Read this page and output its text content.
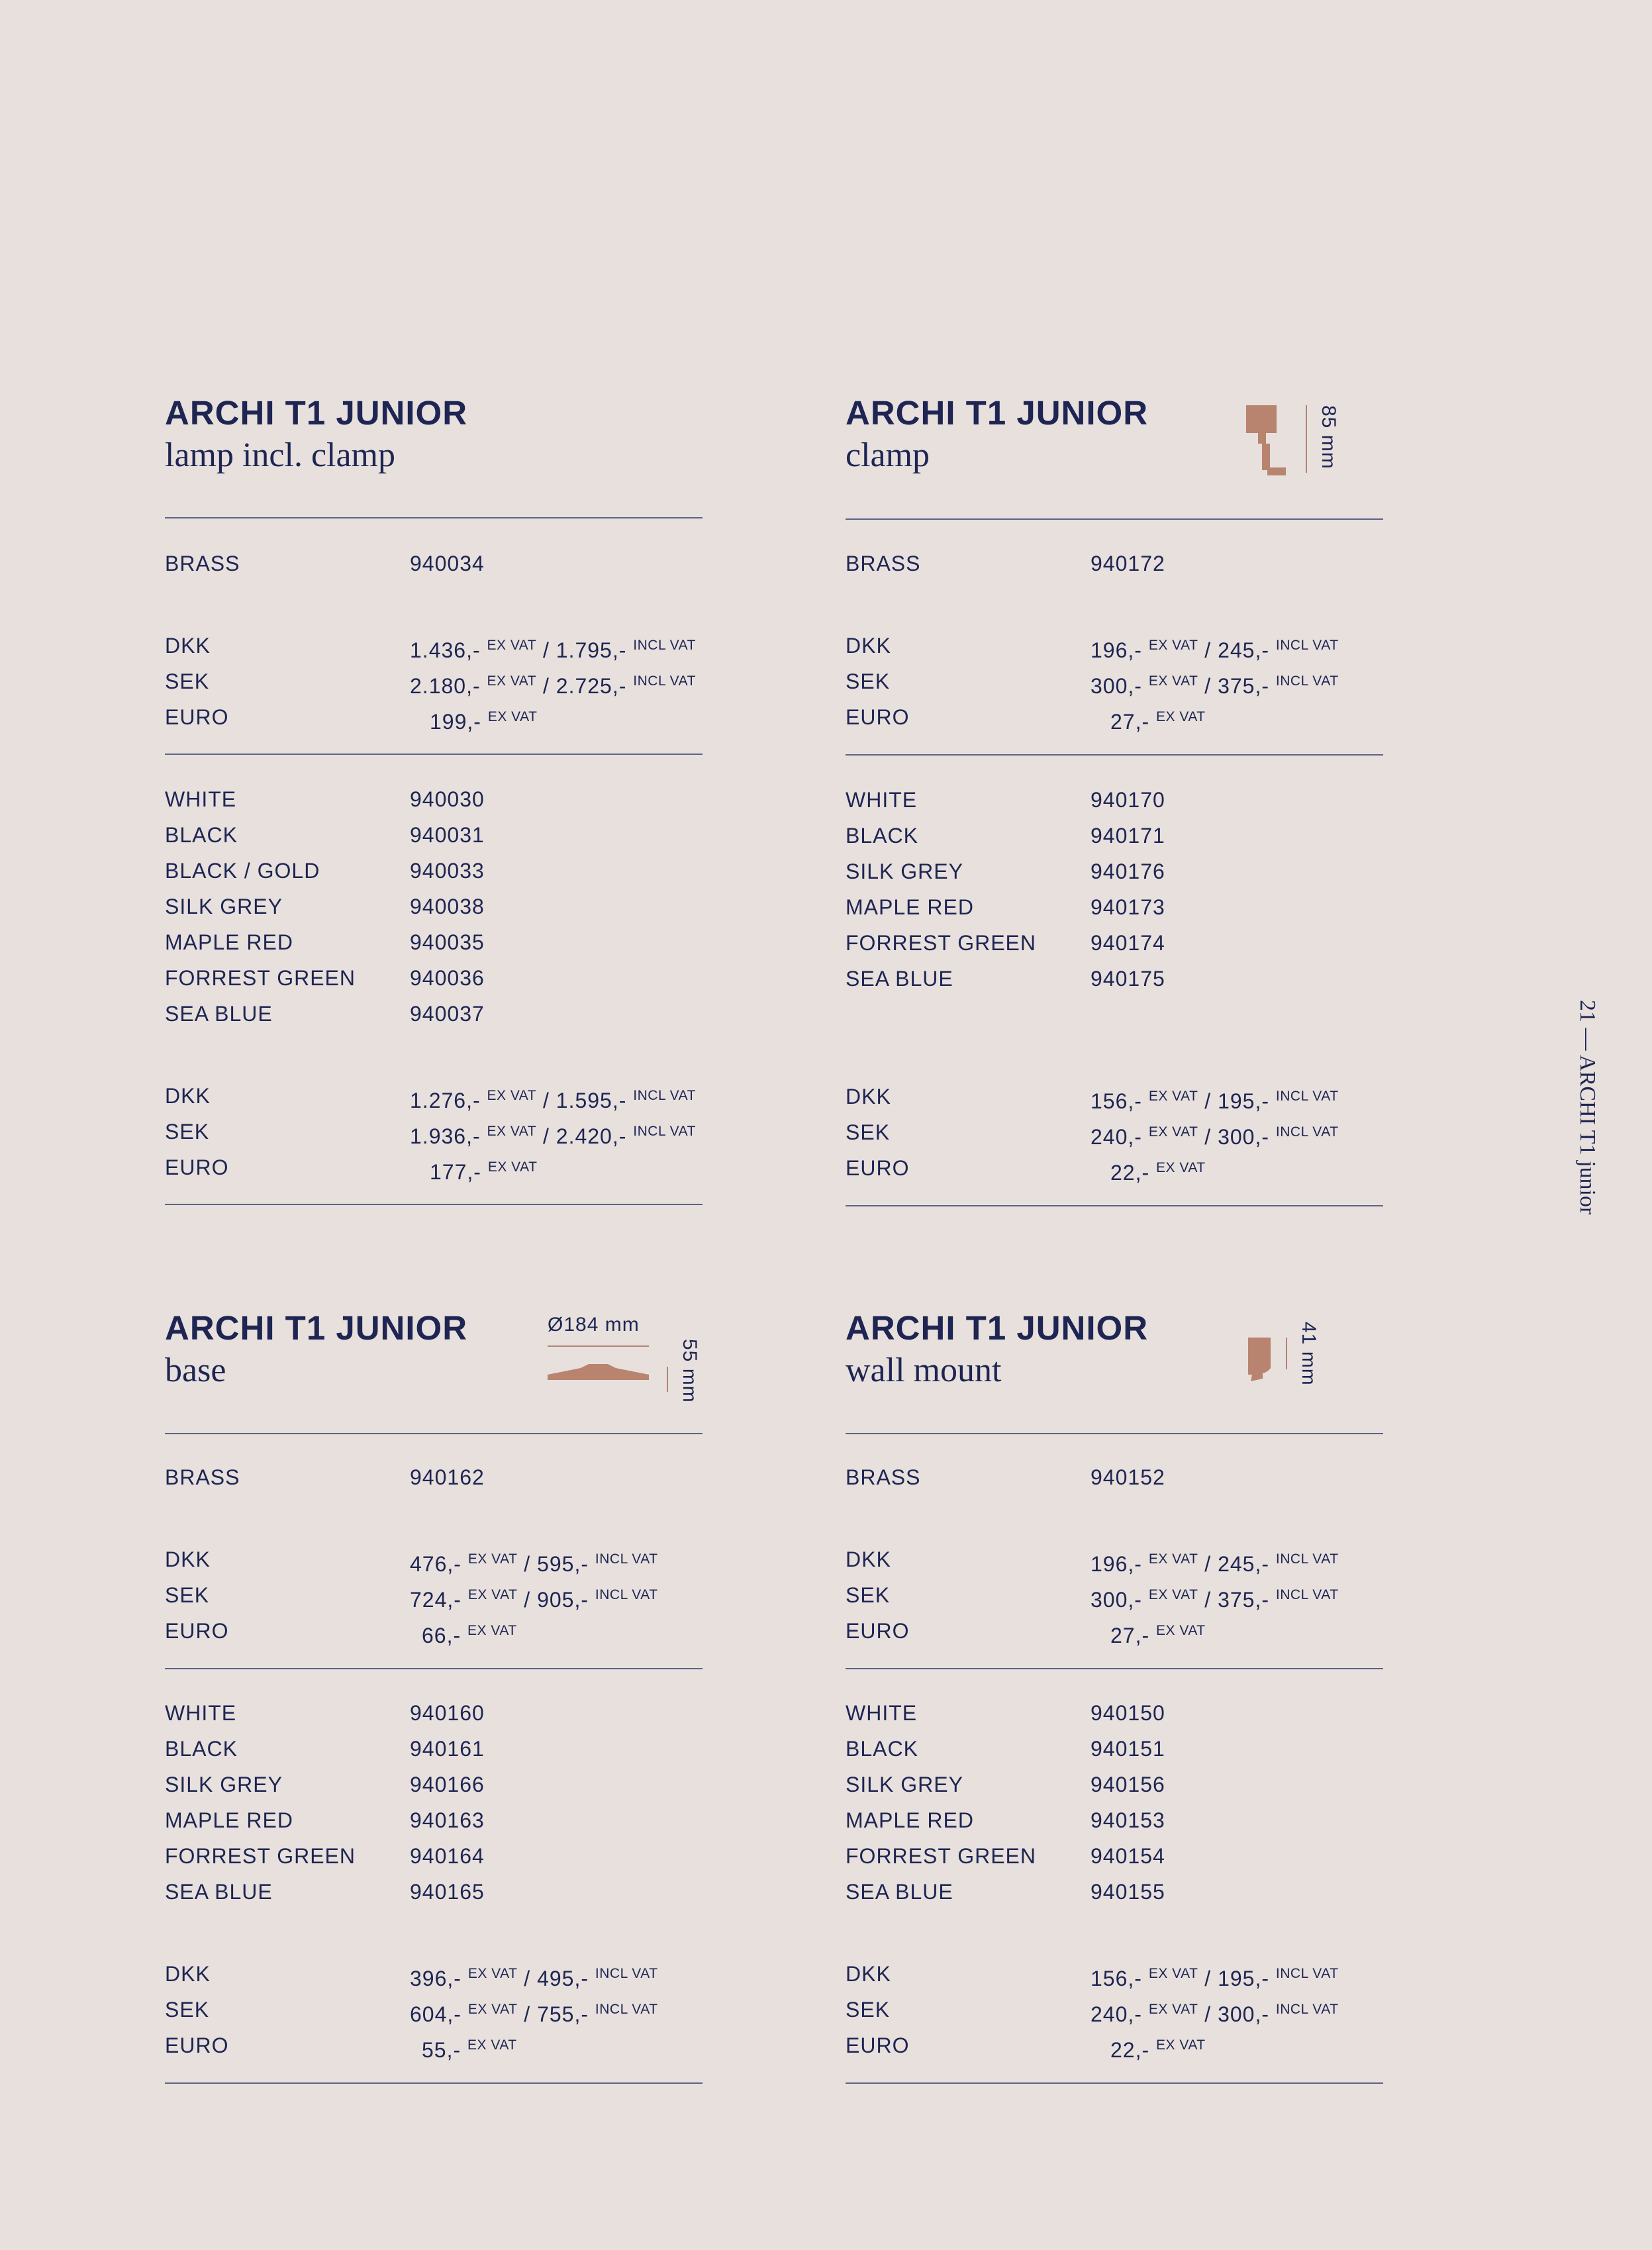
21 — ARCHI T1 junior
ARCHI T1 JUNIOR
lamp incl. clamp
BRASS	940034
DKK	1.436,- $^{EX VAT}$ / 1.795,- $^{INCL VAT}$
SEK	2.180,- $^{EX VAT}$ / 2.725,- $^{INCL VAT}$
EURO	199,- $^{EX VAT}$
WHITE	940030
BLACK	940031
BLACK / GOLD	940033
SILK GREY	940038
MAPLE RED	940035
FORREST GREEN	940036
SEA BLUE	940037
DKK	1.276,- $^{EX VAT}$ / 1.595,- $^{INCL VAT}$
SEK	1.936,- $^{EX VAT}$ / 2.420,- $^{INCL VAT}$
EURO	177,- $^{EX VAT}$
ARCHI T1 JUNIOR
clamp	85 mm
BRASS	940172
DKK	196,- $^{EX VAT}$ / 245,- $^{INCL VAT}$
SEK	300,- $^{EX VAT}$ / 375,- $^{INCL VAT}$
EURO	27,- $^{EX VAT}$
WHITE	940170
BLACK	940171
SILK GREY	940176
MAPLE RED	940173
FORREST GREEN	940174
SEA BLUE	940175
DKK	156,- $^{EX VAT}$ / 195,- $^{INCL VAT}$
SEK	240,- $^{EX VAT}$ / 300,- $^{INCL VAT}$
EURO	22,- $^{EX VAT}$
ARCHI T1 JUNIOR
base
Ø184 mm
55 mm
BRASS	940162
DKK	476,- $^{EX VAT}$ / 595,- $^{INCL VAT}$
SEK	724,- $^{EX VAT}$ / 905,- $^{INCL VAT}$
EURO	66,- $^{EX VAT}$
WHITE	940160
BLACK	940161
SILK GREY	940166
MAPLE RED	940163
FORREST GREEN	940164
SEA BLUE	940165
DKK	396,- $^{EX VAT}$ / 495,- $^{INCL VAT}$
SEK	604,- $^{EX VAT}$ / 755,- $^{INCL VAT}$
EURO	55,- $^{EX VAT}$
ARCHI T1 JUNIOR
wall mount	41 mm
BRASS	940152
DKK	196,- $^{EX VAT}$ / 245,- $^{INCL VAT}$
SEK	300,- $^{EX VAT}$ / 375,- $^{INCL VAT}$
EURO	27,- $^{EX VAT}$
WHITE	940150
BLACK	940151
SILK GREY	940156
MAPLE RED	940153
FORREST GREEN	940154
SEA BLUE	940155
DKK	156,- $^{EX VAT}$ / 195,- $^{INCL VAT}$
SEK	240,- $^{EX VAT}$ / 300,- $^{INCL VAT}$
EURO	22,- $^{EX VAT}$
